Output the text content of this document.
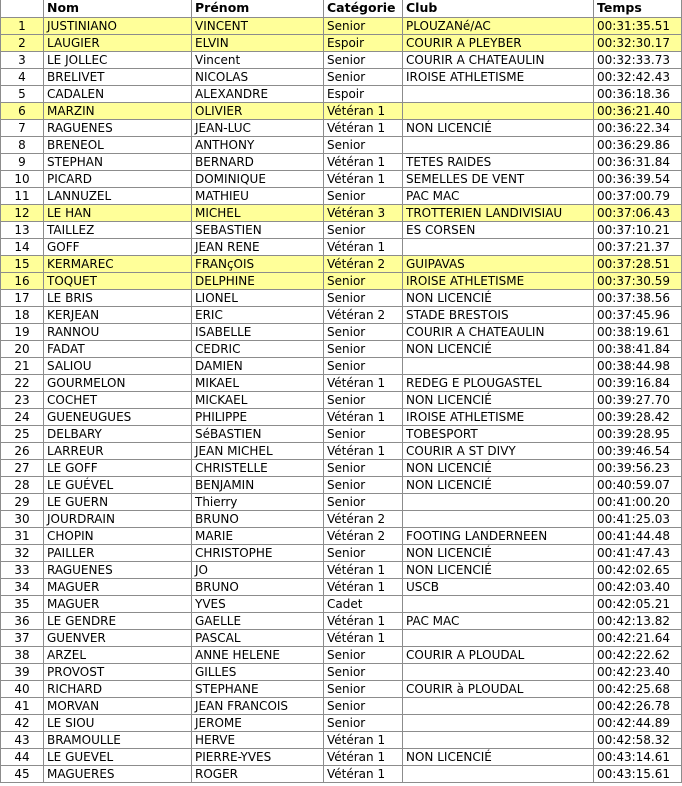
	Nom	Prénom	Catégorie	Club	Temps
1	JUSTINIANO	VINCENT	Senior	PLOUZANé/AC	00:31:35.51
2	LAUGIER	ELVIN	Espoir	COURIR A PLEYBER	00:32:30.17
3	LE JOLLEC	Vincent	Senior	COURIR A CHATEAULIN	00:32:33.73
4	BRELIVET	NICOLAS	Senior	IROISE ATHLETISME	00:32:42.43
5	CADALEN	ALEXANDRE	Espoir		00:36:18.36
6	MARZIN	OLIVIER	Vétéran 1		00:36:21.40
7	RAGUENES	JEAN-LUC	Vétéran 1	NON LICENCIÉ	00:36:22.34
8	BRENEOL	ANTHONY	Senior		00:36:29.86
9	STEPHAN	BERNARD	Vétéran 1	TETES RAIDES	00:36:31.84
10	PICARD	DOMINIQUE	Vétéran 1	SEMELLES DE VENT	00:36:39.54
11	LANNUZEL	MATHIEU	Senior	PAC MAC	00:37:00.79
12	LE HAN	MICHEL	Vétéran 3	TROTTERIEN LANDIVISIAU	00:37:06.43
13	TAILLEZ	SEBASTIEN	Senior	ES CORSEN	00:37:10.21
14	GOFF	JEAN RENE	Vétéran 1		00:37:21.37
15	KERMAREC	FRANçOIS	Vétéran 2	GUIPAVAS	00:37:28.51
16	TOQUET	DELPHINE	Senior	IROISE ATHLETISME	00:37:30.59
17	LE BRIS	LIONEL	Senior	NON LICENCIÉ	00:37:38.56
18	KERJEAN	ERIC	Vétéran 2	STADE BRESTOIS	00:37:45.96
19	RANNOU	ISABELLE	Senior	COURIR A CHATEAULIN	00:38:19.61
20	FADAT	CEDRIC	Senior	NON LICENCIÉ	00:38:41.84
21	SALIOU	DAMIEN	Senior		00:38:44.98
22	GOURMELON	MIKAEL	Vétéran 1	REDEG E PLOUGASTEL	00:39:16.84
23	COCHET	MICKAEL	Senior	NON LICENCIÉ	00:39:27.70
24	GUENEUGUES	PHILIPPE	Vétéran 1	IROISE ATHLETISME	00:39:28.42
25	DELBARY	SéBASTIEN	Senior	TOBESPORT	00:39:28.95
26	LARREUR	JEAN MICHEL	Vétéran 1	COURIR A ST DIVY	00:39:46.54
27	LE GOFF	CHRISTELLE	Senior	NON LICENCIÉ	00:39:56.23
28	LE GUÉVEL	BENJAMIN	Senior	NON LICENCIÉ	00:40:59.07
29	LE GUERN	Thierry	Senior		00:41:00.20
30	JOURDRAIN	BRUNO	Vétéran 2		00:41:25.03
31	CHOPIN	MARIE	Vétéran 2	FOOTING LANDERNEEN	00:41:44.48
32	PAILLER	CHRISTOPHE	Senior	NON LICENCIÉ	00:41:47.43
33	RAGUENES	JO	Vétéran 1	NON LICENCIÉ	00:42:02.65
34	MAGUER	BRUNO	Vétéran 1	USCB	00:42:03.40
35	MAGUER	YVES	Cadet		00:42:05.21
36	LE GENDRE	GAELLE	Vétéran 1	PAC MAC	00:42:13.82
37	GUENVER	PASCAL	Vétéran 1		00:42:21.64
38	ARZEL	ANNE HELENE	Senior	COURIR A PLOUDAL	00:42:22.62
39	PROVOST	GILLES	Senior		00:42:23.40
40	RICHARD	STEPHANE	Senior	COURIR à PLOUDAL	00:42:25.68
41	MORVAN	JEAN FRANCOIS	Senior		00:42:26.78
42	LE SIOU	JEROME	Senior		00:42:44.89
43	BRAMOULLE	HERVE	Vétéran 1		00:42:58.32
44	LE GUEVEL	PIERRE-YVES	Vétéran 1	NON LICENCIÉ	00:43:14.61
45	MAGUERES	ROGER	Vétéran 1		00:43:15.61
